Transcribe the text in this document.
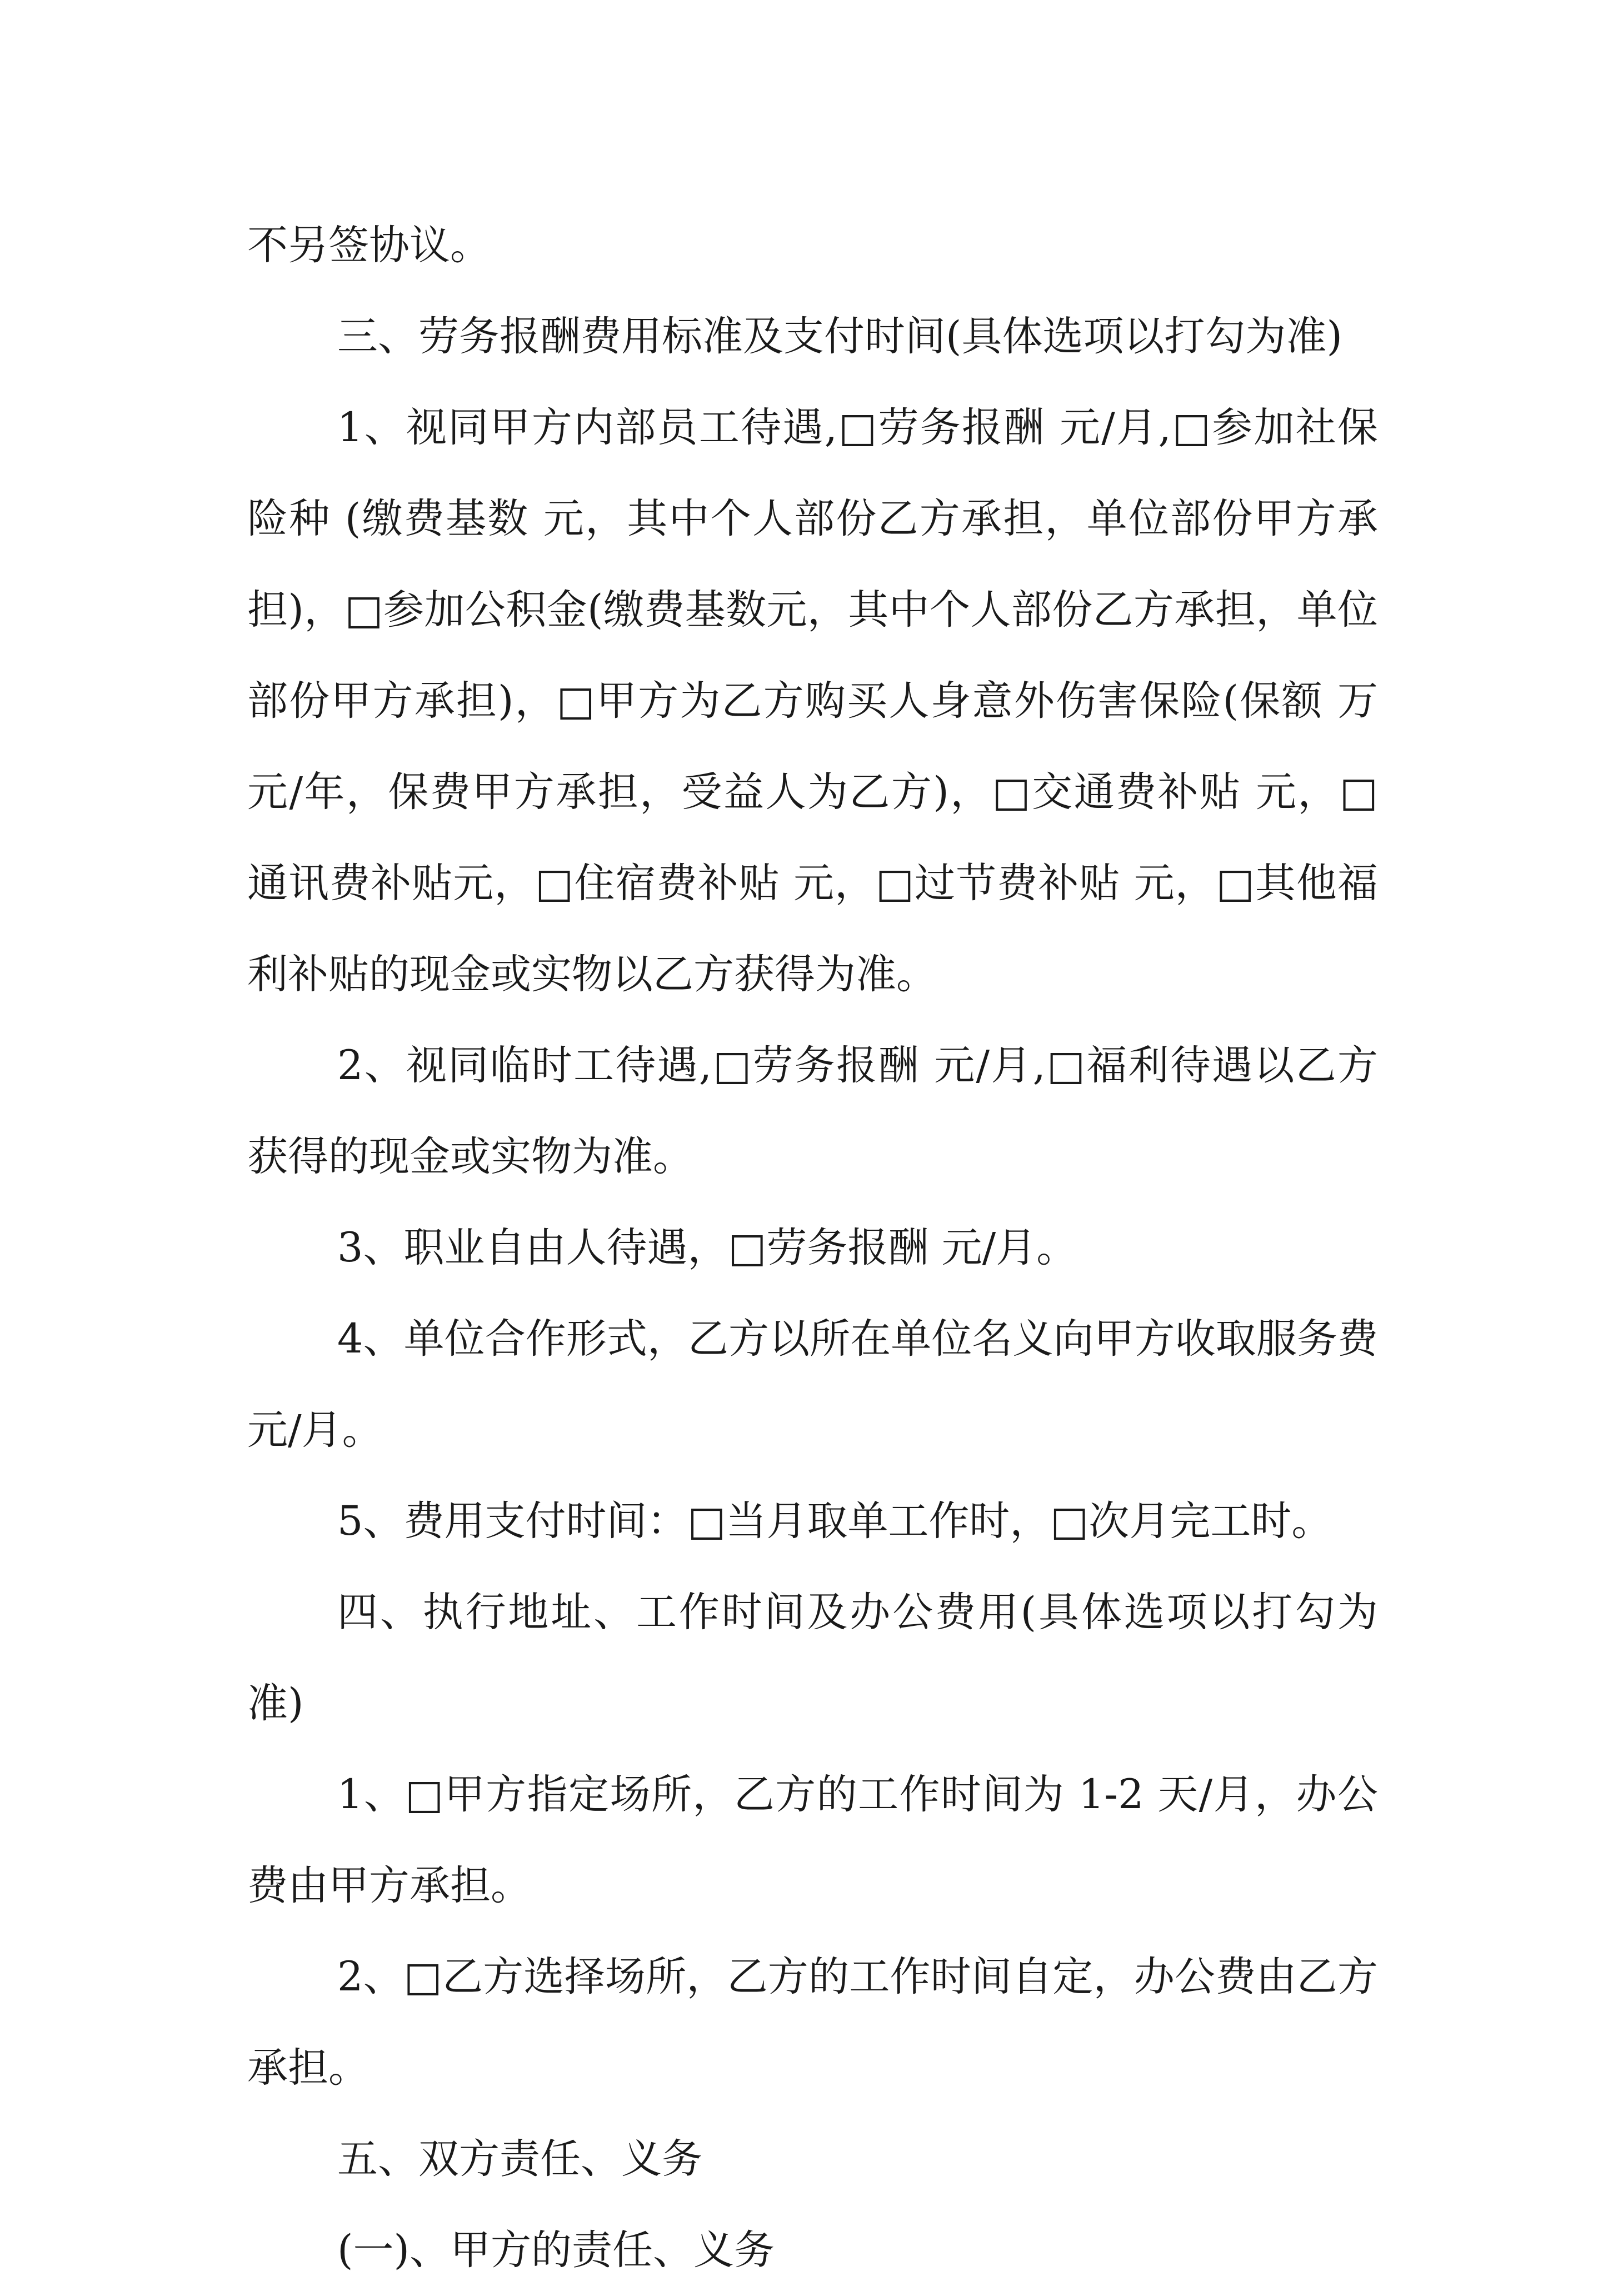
不另签协议。

三、劳务报酬费用标准及支付时间(具体选项以打勾为准)

1、视同甲方内部员工待遇,□劳务报酬 元/月,□参加社保险种 (缴费基数 元，其中个人部份乙方承担，单位部份甲方承担)，□参加公积金(缴费基数元，其中个人部份乙方承担，单位部份甲方承担)，□甲方为乙方购买人身意外伤害保险(保额 万元/年，保费甲方承担，受益人为乙方)，□交通费补贴 元，□通讯费补贴元，□住宿费补贴 元，□过节费补贴 元，□其他福利补贴的现金或实物以乙方获得为准。

2、视同临时工待遇,□劳务报酬 元/月,□福利待遇以乙方获得的现金或实物为准。

3、职业自由人待遇，□劳务报酬 元/月。

4、单位合作形式，乙方以所在单位名义向甲方收取服务费 元/月。

5、费用支付时间：□当月取单工作时，□次月完工时。

四、执行地址、工作时间及办公费用(具体选项以打勾为准)

1、□甲方指定场所，乙方的工作时间为 1-2 天/月，办公费由甲方承担。

2、□乙方选择场所，乙方的工作时间自定，办公费由乙方承担。

五、双方责任、义务

(一)、甲方的责任、义务
